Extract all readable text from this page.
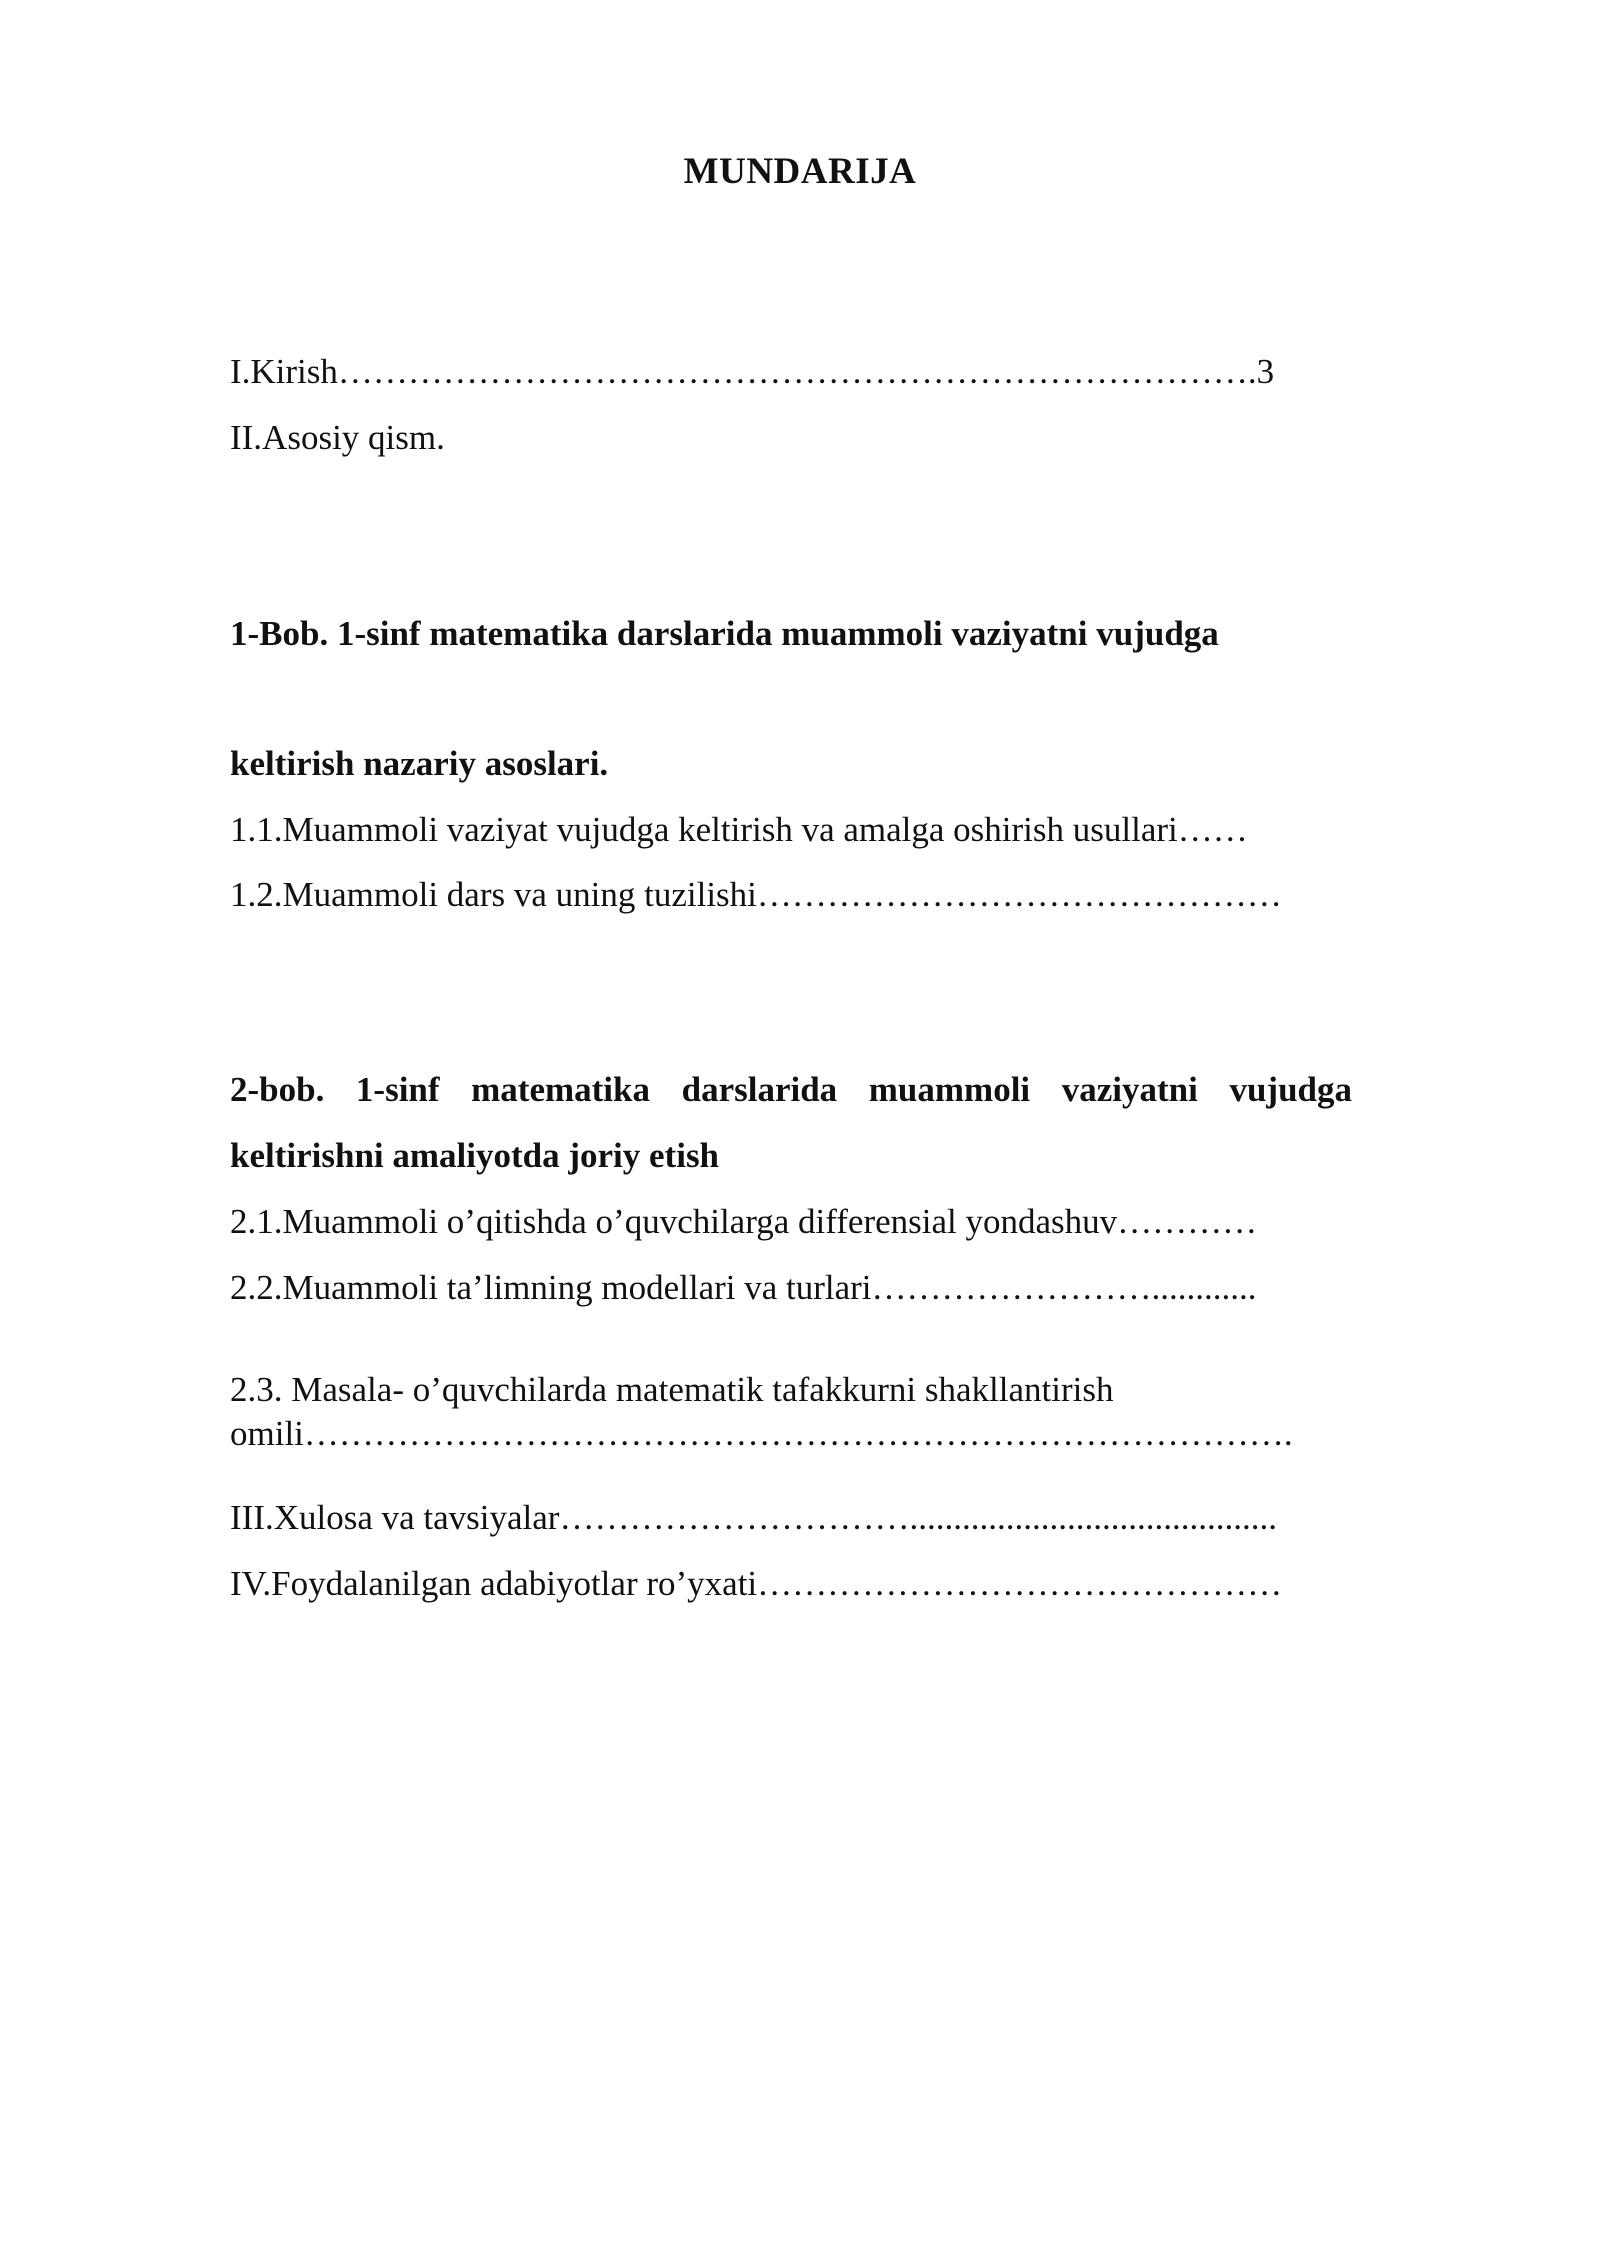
MUNDARIJA
I.Kirish…………………………………………………………………….3
II.Asosiy qism.
1-Bob. 1-sinf matematika darslarida muammoli vaziyatni vujudga
keltirish nazariy asoslari.
1.1.Muammoli vaziyat vujudga keltirish va amalga oshirish usullari……
1.2.Muammoli dars va uning tuzilishi………………………………………
2-bob. 1-sinf matematika darslarida muammoli vaziyatni vujudga
keltirishni amaliyotda joriy etish
2.1.Muammoli o’qitishda o’quvchilarga differensial yondashuv…………
2.2.Muammoli ta’limning modellari va turlari……………………............
2.3. Masala- o’quvchilarda matematik tafakkurni shakllantirish
omili………………………………………………………………………….
III.Xulosa va tavsiyalar…………………………..........................................
IV.Foydalanilgan adabiyotlar ro’yxati………………………………………
